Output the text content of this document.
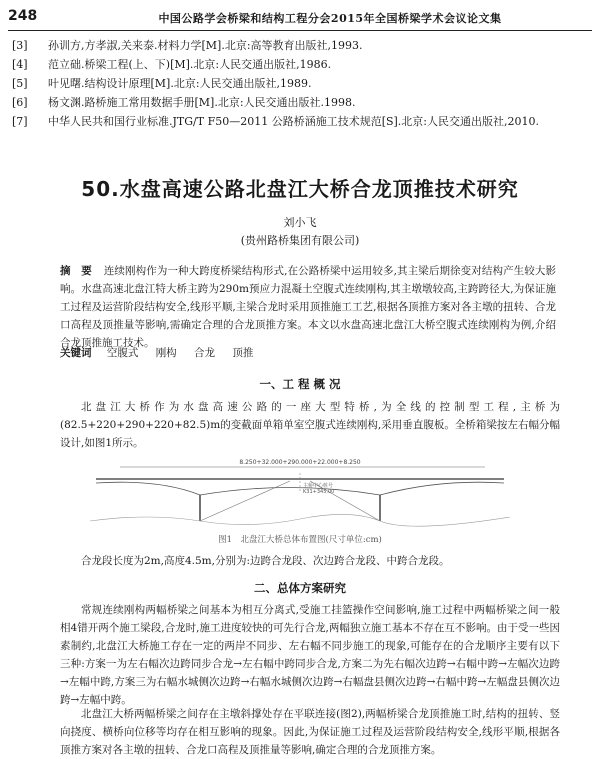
248	中国公路学会桥梁和结构工程分会2015年全国桥梁学术会议论文集
[3]	孙训方,方孝淑,关来泰.材料力学[M].北京:高等教育出版社,1993.
[4]	范立础.桥梁工程(上、下)[M].北京:人民交通出版社,1986.
[5]	叶见曙.结构设计原理[M].北京:人民交通出版社,1989.
[6]	杨文渊.路桥施工常用数据手册[M].北京:人民交通出版社.1998.
[7]	中华人民共和国行业标准.JTG/T F50—2011 公路桥涵施工技术规范[S].北京:人民交通出版社,2010.
50.水盘高速公路北盘江大桥合龙顶推技术研究
刘小飞
(贵州路桥集团有限公司)
摘　要 连续刚构作为一种大跨度桥梁结构形式,在公路桥梁中运用较多,其主梁后期徐变对结构产生较大影响。水盘高速北盘江特大桥主跨为290m预应力混凝土空腹式连续刚构,其主墩墩较高,主跨跨径大,为保证施工过程及运营阶段结构安全,线形平顺,主梁合龙时采用顶推施工工艺,根据各顶推方案对各主墩的扭转、合龙口高程及顶推量等影响,需确定合理的合龙顶推方案。本文以水盘高速北盘江大桥空腹式连续刚构为例,介绍合龙顶推施工技术。
关键词 空腹式 刚构 合龙 顶推
一、工 程 概 况
北盘江大桥作为水盘高速公路的一座大型特桥,为全线的控制型工程,主桥为(82.5+220+290+220+82.5)m的变截面单箱单室空腹式连续刚构,采用垂直腹板。全桥箱梁按左右幅分幅设计,如图1所示。
8.250+32.000+290.000+22.000+8.250
主桥中心桩号
K31+345.00
图1　北盘江大桥总体布置图(尺寸单位:cm)
合龙段长度为2m,高度4.5m,分别为:边跨合龙段、次边跨合龙段、中跨合龙段。
二、总体方案研究
常规连续刚构两幅桥梁之间基本为相互分离式,受施工挂篮操作空间影响,施工过程中两幅桥梁之间一般相4错开两个施工梁段,合龙时,施工进度较快的可先行合龙,两幅独立施工基本不存在互不影响。由于受一些因素制约,北盘江大桥施工存在一定的两岸不同步、左右幅不同步施工的现象,可能存在的合龙顺序主要有以下三种:方案一为左右幅次边跨同步合龙→左右幅中跨同步合龙,方案二为先右幅次边跨→右幅中跨→左幅次边跨→左幅中跨,方案三为右幅水城侧次边跨→右幅水城侧次边跨→右幅盘县侧次边跨→右幅中跨→左幅盘县侧次边跨→左幅中跨。
北盘江大桥两幅桥梁之间存在主墩斜撑处存在平联连接(图2),两幅桥梁合龙顶推施工时,结构的扭转、竖向挠度、横桥向位移等均存在相互影响的现象。因此,为保证施工过程及运营阶段结构安全,线形平顺,根据各顶推方案对各主墩的扭转、合龙口高程及顶推量等影响,确定合理的合龙顶推方案。
